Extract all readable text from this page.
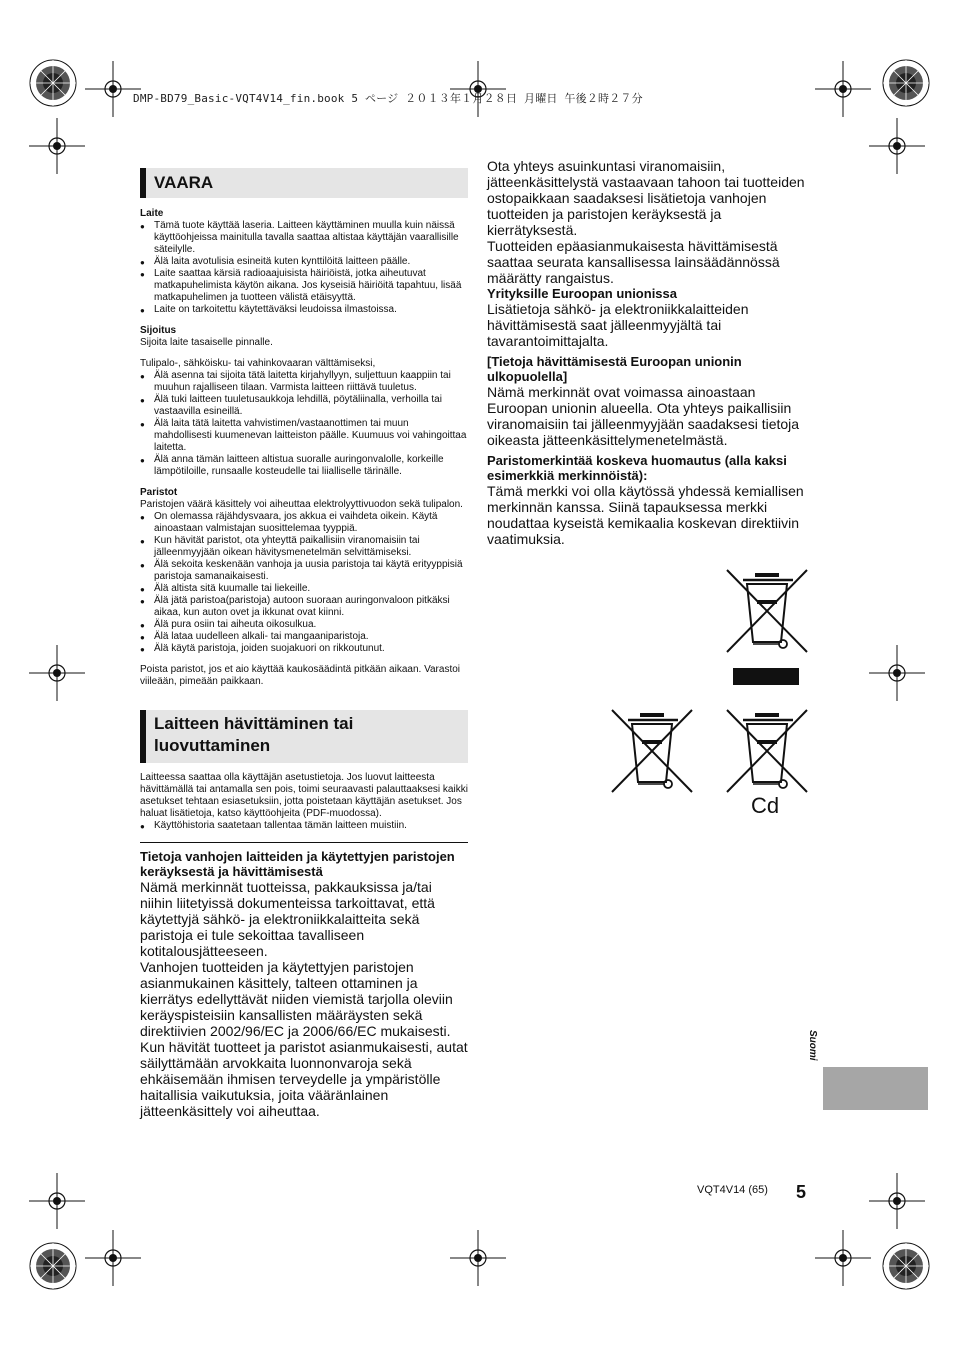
DMP-BD79_Basic-VQT4V14_fin.book 5 ページ ２０１３年１月２８日 月曜日 午後２時２７分
VAARA

Laite

● Tämä tuote käyttää laseria. Laitteen käyttäminen muulla kuin näissä käyttöohjeissa mainitulla tavalla saattaa altistaa käyttäjän vaarallisille säteilylle.
● Älä laita avotulisia esineitä kuten kynttilöitä laitteen päälle.
● Laite saattaa kärsiä radioaajuisista häiriöistä, jotka aiheutuvat matkapuhelimista käytön aikana. Jos kyseisiä häiriöitä tapahtuu, lisää matkapuhelimen ja tuotteen välistä etäisyyttä.
● Laite on tarkoitettu käytettäväksi leudoissa ilmastoissa.

Sijoitus

Sijoita laite tasaiselle pinnalle.

Tulipalo-, sähköisku- tai vahinkovaaran välttämiseksi,

● Älä asenna tai sijoita tätä laitetta kirjahyllyyn, suljettuun kaappiin tai muuhun rajalliseen tilaan. Varmista laitteen riittävä tuuletus.
● Älä tuki laitteen tuuletusaukkoja lehdillä, pöytäliinalla, verhoilla tai vastaavilla esineillä.
● Älä laita tätä laitetta vahvistimen/vastaanottimen tai muun mahdollisesti kuumenevan laitteiston päälle. Kuumuus voi vahingoittaa laitetta.
● Älä anna tämän laitteen altistua suoralle auringonvalolle, korkeille lämpötiloille, runsaalle kosteudelle tai liialliselle tärinälle.

Paristot

Paristojen väärä käsittely voi aiheuttaa elektrolyyttivuodon sekä tulipalon.

● On olemassa räjähdysvaara, jos akkua ei vaihdeta oikein. Käytä ainoastaan valmistajan suosittelemaa tyyppiä.
● Kun hävität paristot, ota yhteyttä paikallisiin viranomaisiin tai jälleenmyyjään oikean hävitysmenetelmän selvittämiseksi.
● Älä sekoita keskenään vanhoja ja uusia paristoja tai käytä erityyppisiä paristoja samanaikaisesti.
● Älä altista sitä kuumalle tai liekeille.
● Älä jätä paristoa(paristoja) autoon suoraan auringonvaloon pitkäksi aikaa, kun auton ovet ja ikkunat ovat kiinni.
● Älä pura osiin tai aiheuta oikosulkua.
● Älä lataa uudelleen alkali- tai mangaaniparistoja.
● Älä käytä paristoja, joiden suojakuori on rikkoutunut.

Poista paristot, jos et aio käyttää kaukosäädintä pitkään aikaan. Varastoi viileään, pimeään paikkaan.

Laitteen hävittäminen tai luovuttaminen

Laitteessa saattaa olla käyttäjän asetustietoja. Jos luovut laitteesta hävittämällä tai antamalla sen pois, toimi seuraavasti palauttaaksesi kaikki asetukset tehtaan esiasetuksiin, jotta poistetaan käyttäjän asetukset. Jos haluat lisätietoja, katso käyttöohjeita (PDF-muodossa).

● Käyttöhistoria saatetaan tallentaa tämän laitteen muistiin.

Tietoja vanhojen laitteiden ja käytettyjen paristojen keräyksestä ja hävittämisestä

Nämä merkinnät tuotteissa, pakkauksissa ja/tai niihin liitetyissä dokumenteissa tarkoittavat, että käytettyjä sähkö- ja elektroniikkalaitteita sekä paristoja ei tule sekoittaa tavalliseen kotitalousjätteeseen.

Vanhojen tuotteiden ja käytettyjen paristojen asianmukainen käsittely, talteen ottaminen ja kierrätys edellyttävät niiden viemistä tarjolla oleviin keräyspisteisiin kansallisten määräysten sekä direktiivien 2002/96/EC ja 2006/66/EC mukaisesti.

Kun hävität tuotteet ja paristot asianmukaisesti, autat säilyttämään arvokkaita luonnonvaroja sekä ehkäisemään ihmisen terveydelle ja ympäristölle haitallisia vaikutuksia, joita vääränlainen jätteenkäsittely voi aiheuttaa.

Ota yhteys asuinkuntasi viranomaisiin, jätteenkäsittelystä vastaavaan tahoon tai tuotteiden ostopaikkaan saadaksesi lisätietoja vanhojen tuotteiden ja paristojen keräyksestä ja kierrätyksestä.

Tuotteiden epäasianmukaisesta hävittämisestä saattaa seurata kansallisessa lainsäädännössä määrätty rangaistus.

Yrityksille Euroopan unionissa

Lisätietoja sähkö- ja elektroniikkalaitteiden hävittämisestä saat jälleenmyyjältä tai tavarantoimittajalta.

[Tietoja hävittämisestä Euroopan unionin ulkopuolella]

Nämä merkinnät ovat voimassa ainoastaan Euroopan unionin alueella. Ota yhteys paikallisiin viranomaisiin tai jälleenmyyjään saadaksesi tietoja oikeasta jätteenkäsittelymenetelmästä.

Paristomerkintää koskeva huomautus (alla kaksi esimerkkiä merkinnöistä):

Tämä merkki voi olla käytössä yhdessä kemiallisen merkinnän kanssa. Siinä tapauksessa merkki noudattaa kyseistä kemikaalia koskevan direktiivin vaatimuksia.

Cd
Suomi
VQT4V14 (65) 5
